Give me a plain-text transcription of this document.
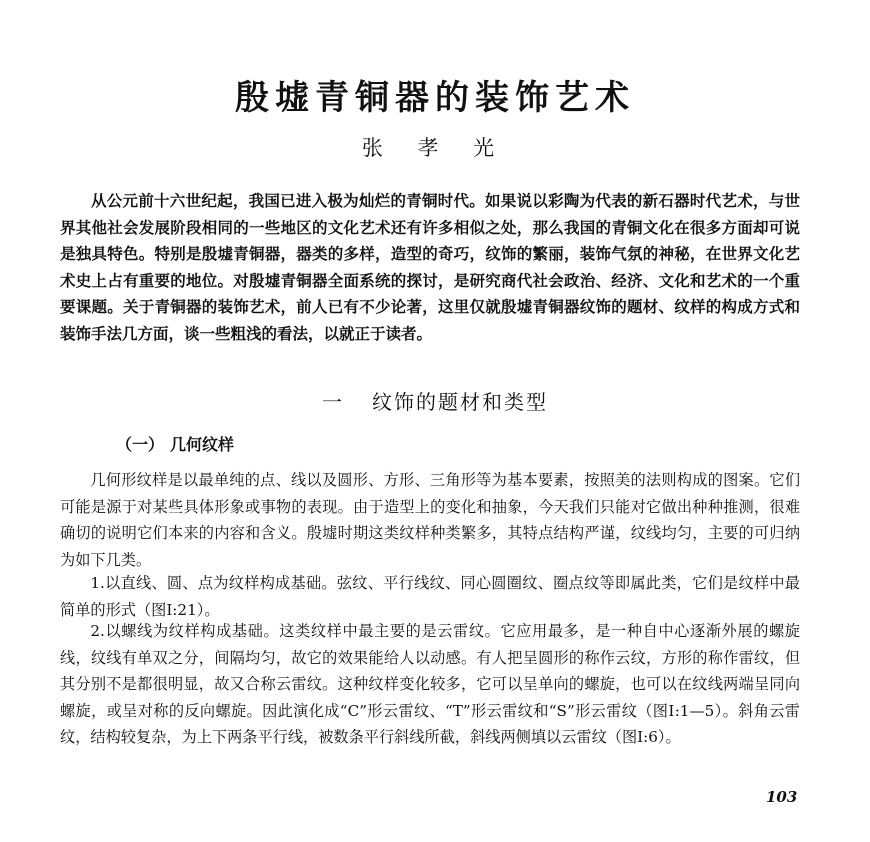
殷墟青铜器的装饰艺术
张 孝 光

从公元前十六世纪起，我国已进入极为灿烂的青铜时代。如果说以彩陶为代表的新石器时代艺术，与世界其他社会发展阶段相同的一些地区的文化艺术还有许多相似之处，那么我国的青铜文化在很多方面却可说是独具特色。特别是殷墟青铜器，器类的多样，造型的奇巧，纹饰的繁丽，装饰气氛的神秘，在世界文化艺术史上占有重要的地位。对殷墟青铜器全面系统的探讨，是研究商代社会政治、经济、文化和艺术的一个重要课题。关于青铜器的装饰艺术，前人已有不少论著，这里仅就殷墟青铜器纹饰的题材、纹样的构成方式和装饰手法几方面，谈一些粗浅的看法，以就正于读者。

一 纹饰的题材和类型
（一） 几何纹样

几何形纹样是以最单纯的点、线以及圆形、方形、三角形等为基本要素，按照美的法则构成的图案。它们可能是源于对某些具体形象或事物的表现。由于造型上的变化和抽象，今天我们只能对它做出种种推测，很难确切的说明它们本来的内容和含义。殷墟时期这类纹样种类繁多，其特点结构严谨，纹线均匀，主要的可归纳为如下几类。

1.以直线、圆、点为纹样构成基础。弦纹、平行线纹、同心圆圈纹、圈点纹等即属此类，它们是纹样中最简单的形式（图Ⅰ:21）。

2.以螺线为纹样构成基础。这类纹样中最主要的是云雷纹。它应用最多，是一种自中心逐渐外展的螺旋线，纹线有单双之分，间隔均匀，故它的效果能给人以动感。有人把呈圆形的称作云纹，方形的称作雷纹，但其分别不是都很明显，故又合称云雷纹。这种纹样变化较多，它可以呈单向的螺旋，也可以在纹线两端呈同向螺旋，或呈对称的反向螺旋。因此演化成“C”形云雷纹、“T”形云雷纹和“S”形云雷纹（图Ⅰ:1—5）。斜角云雷纹，结构较复杂，为上下两条平行线，被数条平行斜线所截，斜线两侧填以云雷纹（图Ⅰ:6）。

103
